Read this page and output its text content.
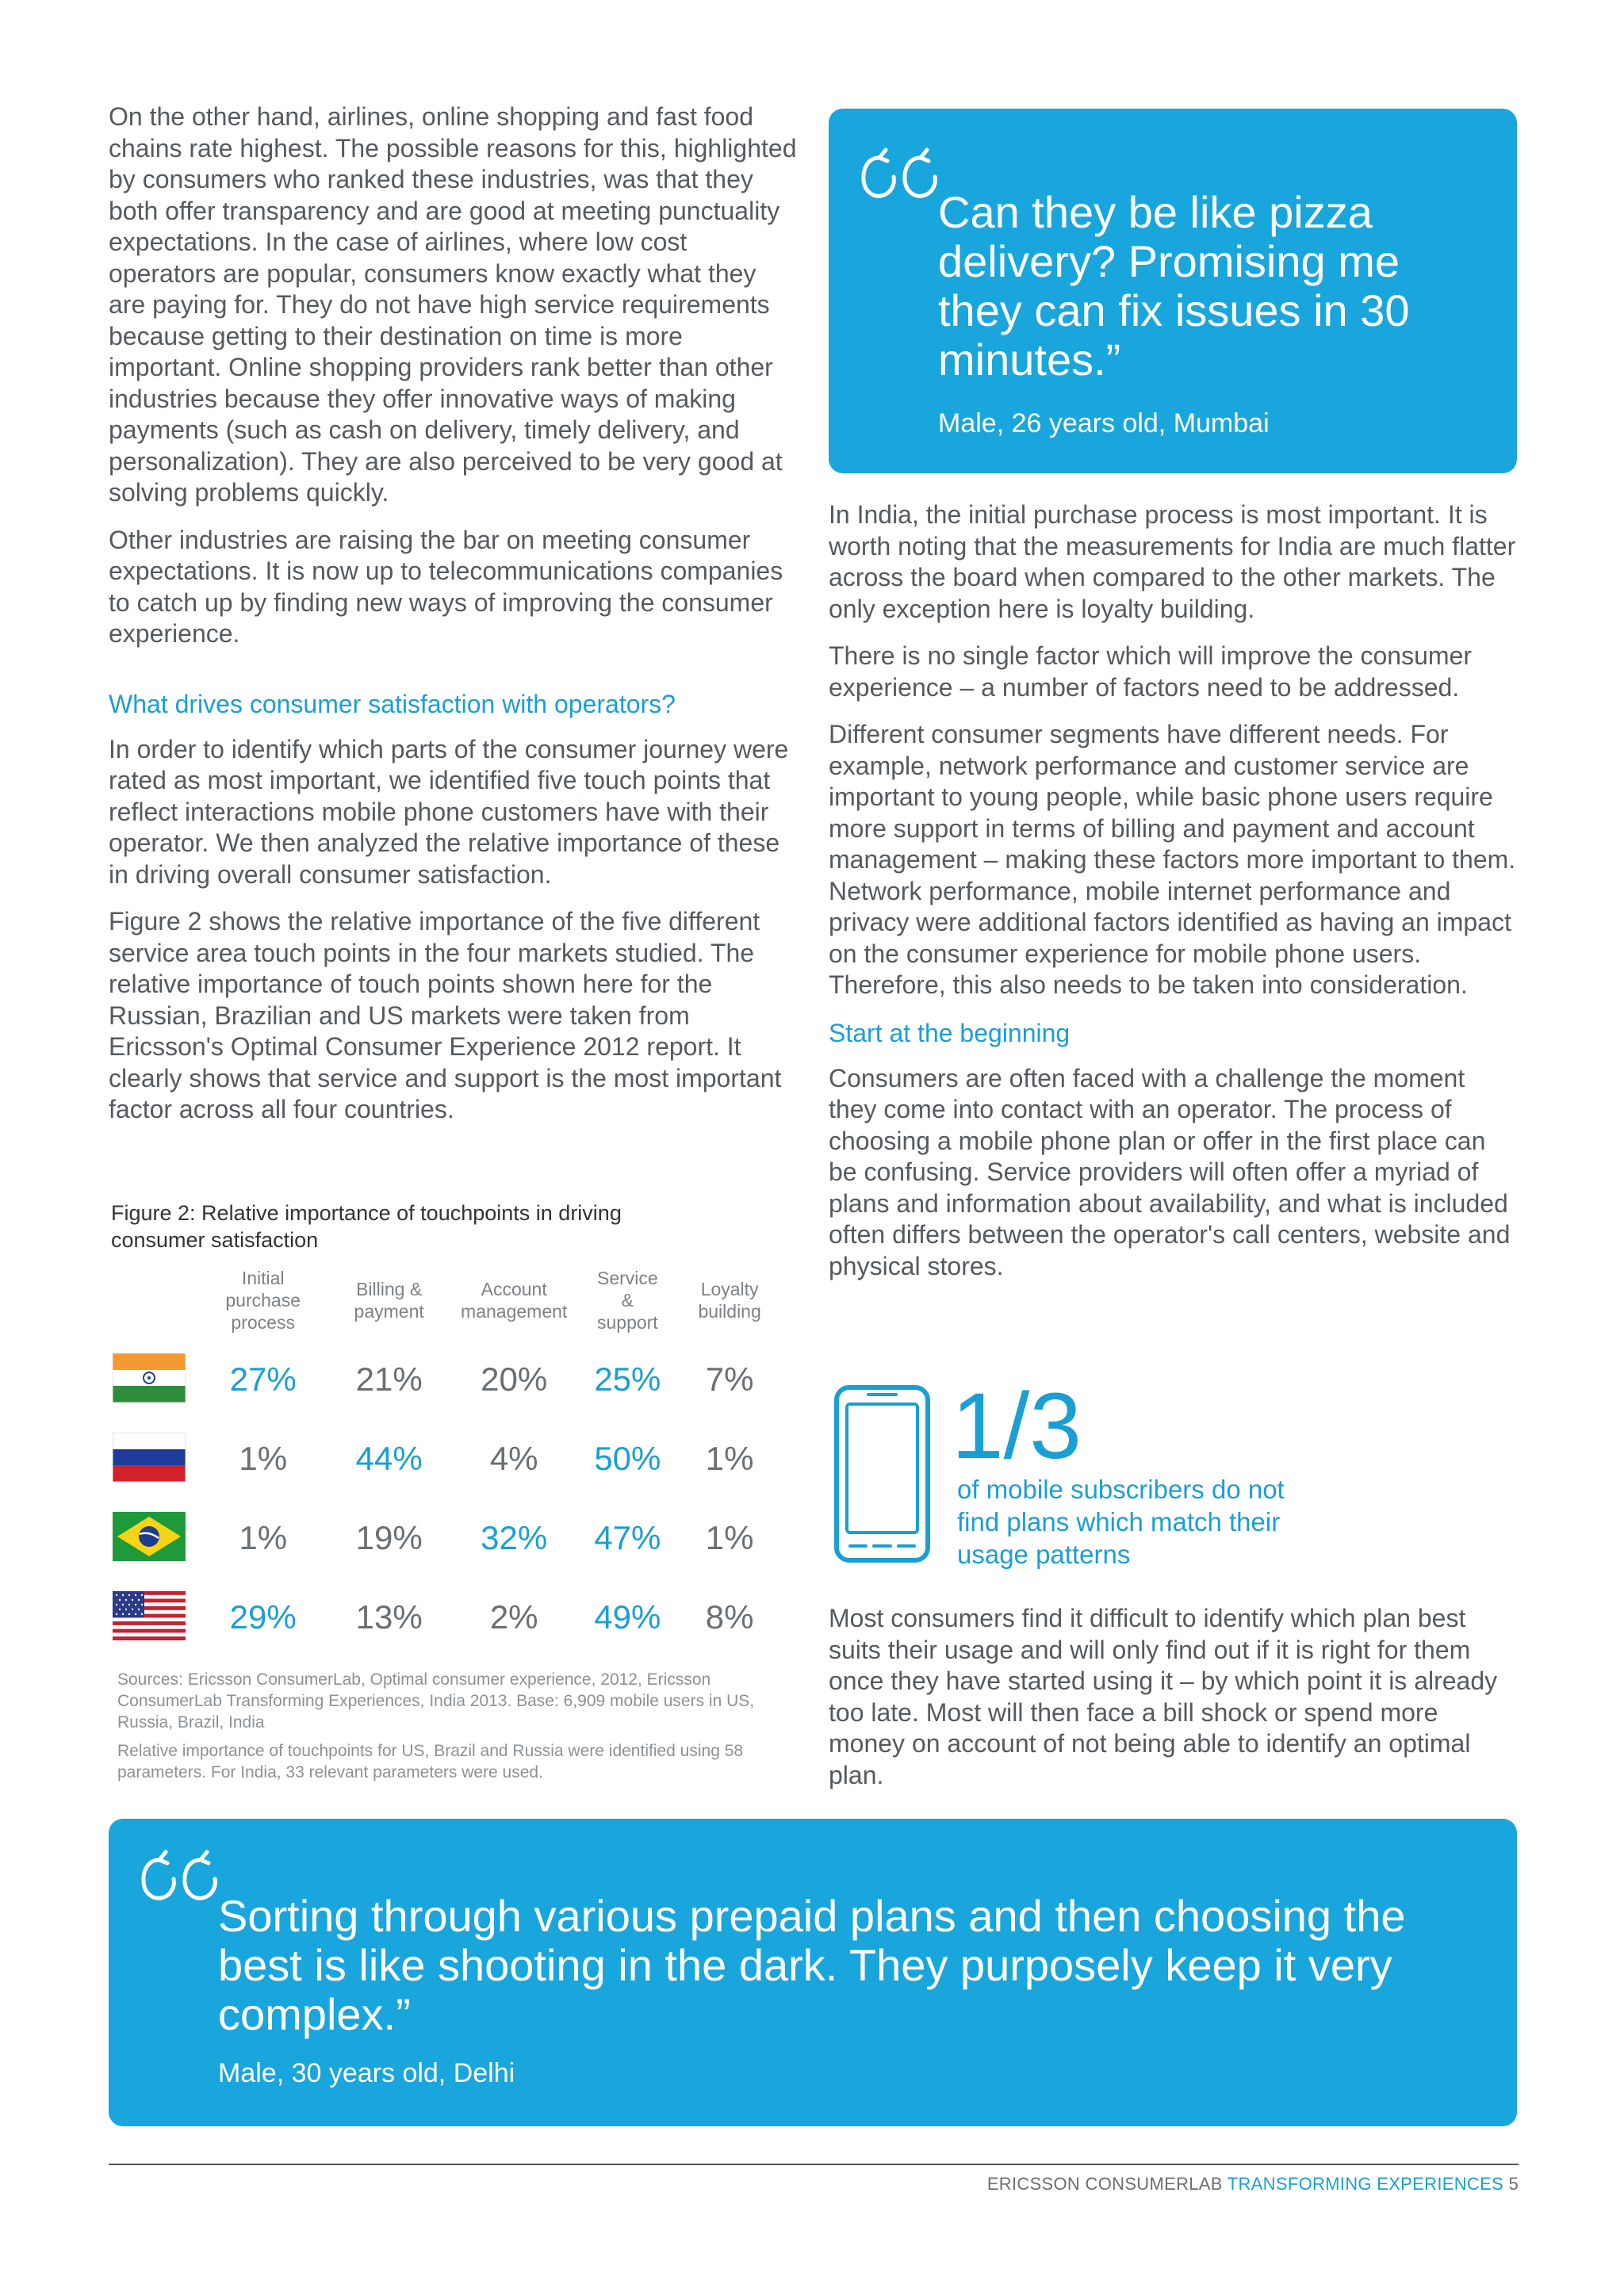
On the other hand, airlines, online shopping and fast food chains rate highest. The possible reasons for this, highlighted by consumers who ranked these industries, was that they both offer transparency and are good at meeting punctuality expectations. In the case of airlines, where low cost operators are popular, consumers know exactly what they are paying for. They do not have high service requirements because getting to their destination on time is more important. Online shopping providers rank better than other industries because they offer innovative ways of making payments (such as cash on delivery, timely delivery, and personalization). They are also perceived to be very good at solving problems quickly.

Other industries are raising the bar on meeting consumer expectations. It is now up to telecommunications companies to catch up by finding new ways of improving the consumer experience.

What drives consumer satisfaction with operators?

In order to identify which parts of the consumer journey were rated as most important, we identified five touch points that reflect interactions mobile phone customers have with their operator. We then analyzed the relative importance of these in driving overall consumer satisfaction.

Figure 2 shows the relative importance of the five different service area touch points in the four markets studied. The relative importance of touch points shown here for the Russian, Brazilian and US markets were taken from Ericsson's Optimal Consumer Experience 2012 report. It clearly shows that service and support is the most important factor across all four countries.

Figure 2: Relative importance of touchpoints in driving consumer satisfaction
	Initial purchase process	Billing & payment	Account management	Service & support	Loyalty building
	27%	21%	20%	25%	7%
	1%	44%	4%	50%	1%
	1%	19%	32%	47%	1%
	29%	13%	2%	49%	8%
Sources: Ericsson ConsumerLab, Optimal consumer experience, 2012, Ericsson ConsumerLab Transforming Experiences, India 2013. Base: 6,909 mobile users in US, Russia, Brazil, India
Relative importance of touchpoints for US, Brazil and Russia were identified using 58 parameters. For India, 33 relevant parameters were used.
Can they be like pizza delivery? Promising me they can fix issues in 30 minutes.”
Male, 26 years old, Mumbai

In India, the initial purchase process is most important. It is worth noting that the measurements for India are much flatter across the board when compared to the other markets. The only exception here is loyalty building.

There is no single factor which will improve the consumer experience – a number of factors need to be addressed.

Different consumer segments have different needs. For example, network performance and customer service are important to young people, while basic phone users require more support in terms of billing and payment and account management – making these factors more important to them. Network performance, mobile internet performance and privacy were additional factors identified as having an impact on the consumer experience for mobile phone users. Therefore, this also needs to be taken into consideration.

Start at the beginning

Consumers are often faced with a challenge the moment they come into contact with an operator. The process of choosing a mobile phone plan or offer in the first place can be confusing. Service providers will often offer a myriad of plans and information about availability, and what is included often differs between the operator's call centers, website and physical stores.

1/3
of mobile subscribers do not find plans which match their usage patterns

Most consumers find it difficult to identify which plan best suits their usage and will only find out if it is right for them once they have started using it – by which point it is already too late. Most will then face a bill shock or spend more money on account of not being able to identify an optimal plan.

Sorting through various prepaid plans and then choosing the best is like shooting in the dark. They purposely keep it very complex.”
Male, 30 years old, Delhi
ERICSSON CONSUMERLAB TRANSFORMING EXPERIENCES 5
